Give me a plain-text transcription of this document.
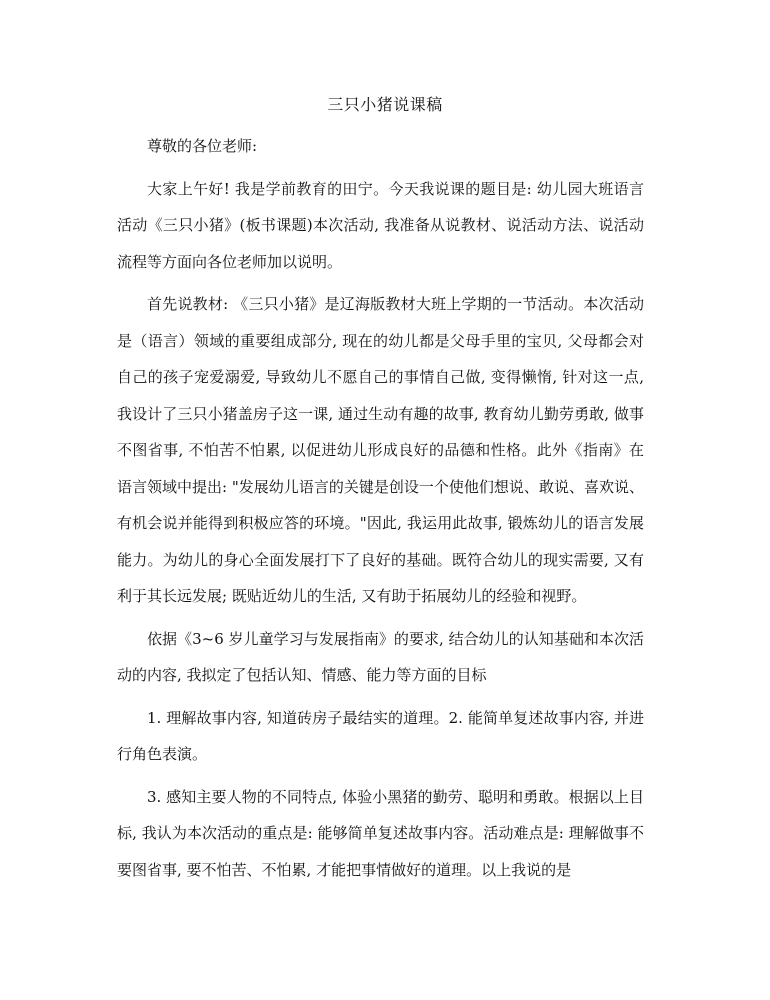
三只小猪说课稿

尊敬的各位老师:

大家上午好! 我是学前教育的田宁。今天我说课的题目是: 幼儿园大班语言活动《三只小猪》(板书课题)本次活动, 我准备从说教材、说活动方法、说活动流程等方面向各位老师加以说明。

首先说教材: 《三只小猪》是辽海版教材大班上学期的一节活动。本次活动是（语言）领域的重要组成部分, 现在的幼儿都是父母手里的宝贝, 父母都会对自己的孩子宠爱溺爱, 导致幼儿不愿自己的事情自己做, 变得懒惰, 针对这一点, 我设计了三只小猪盖房子这一课, 通过生动有趣的故事, 教育幼儿勤劳勇敢, 做事不图省事, 不怕苦不怕累, 以促进幼儿形成良好的品德和性格。此外《指南》在语言领域中提出: "发展幼儿语言的关键是创设一个使他们想说、敢说、喜欢说、有机会说并能得到积极应答的环境。"因此, 我运用此故事, 锻炼幼儿的语言发展能力。为幼儿的身心全面发展打下了良好的基础。既符合幼儿的现实需要, 又有利于其长远发展; 既贴近幼儿的生活, 又有助于拓展幼儿的经验和视野。

依据《3~6 岁儿童学习与发展指南》的要求, 结合幼儿的认知基础和本次活动的内容, 我拟定了包括认知、情感、能力等方面的目标

1. 理解故事内容, 知道砖房子最结实的道理。2. 能简单复述故事内容, 并进行角色表演。

3. 感知主要人物的不同特点, 体验小黑猪的勤劳、聪明和勇敢。根据以上目标, 我认为本次活动的重点是: 能够简单复述故事内容。活动难点是: 理解做事不要图省事, 要不怕苦、不怕累, 才能把事情做好的道理。以上我说的是
